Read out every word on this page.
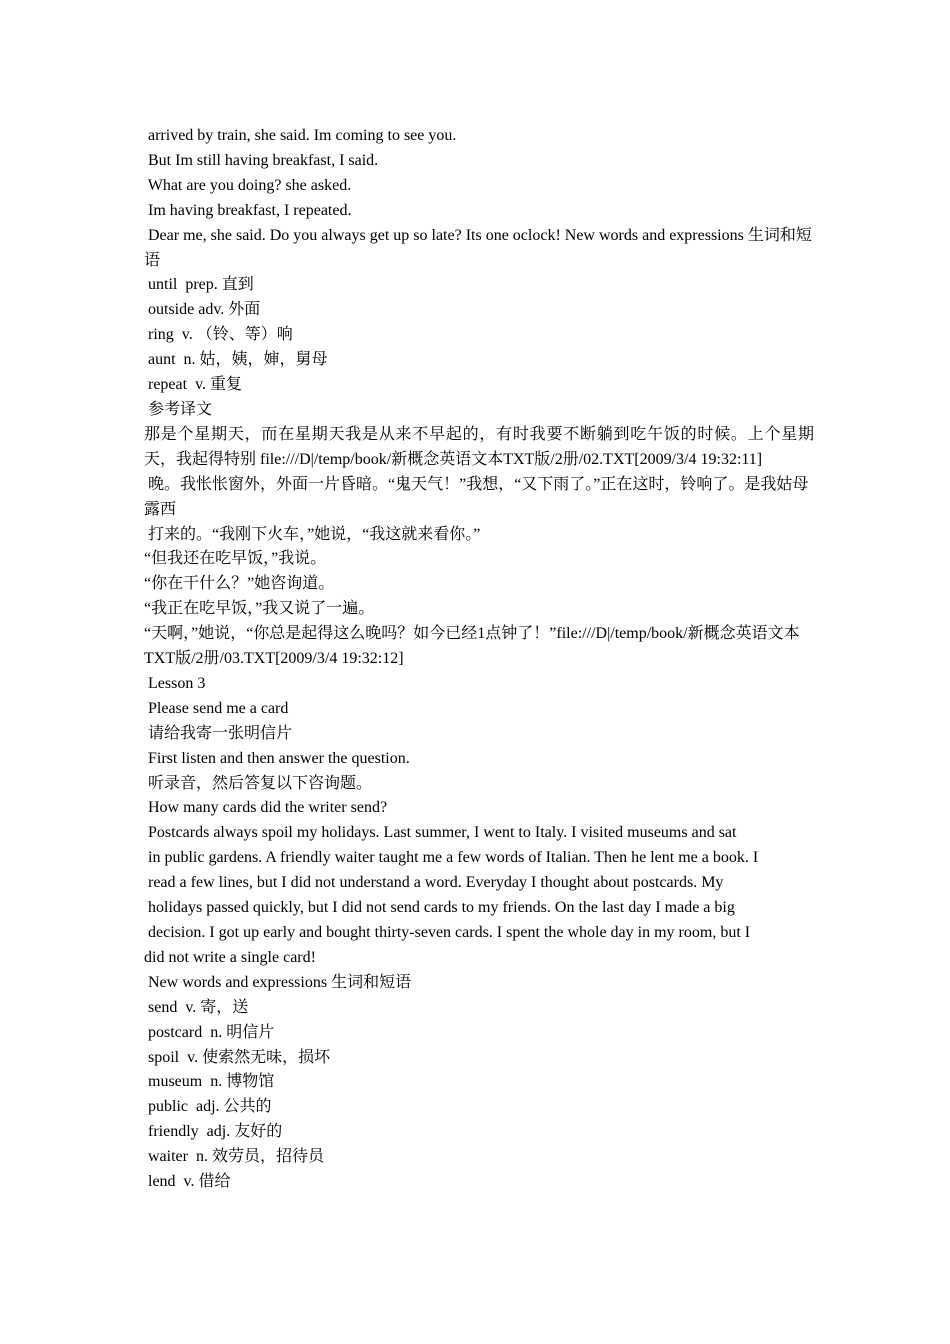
arrived by train, she said. Im coming to see you.
But Im still having breakfast, I said.
What are you doing? she asked.
Im having breakfast, I repeated.
Dear me, she said. Do you always get up so late? Its one oclock! New words and expressions 生词和短语
until  prep. 直到
outside adv. 外面
ring  v. （铃、等）响
aunt  n. 姑，姨，婶，舅母
repeat  v. 重复
参考译文
那是个星期天，而在星期天我是从来不早起的，有时我要不断躺到吃午饭的时候。上个星期天，我起得特别 file:///D|/temp/book/新概念英语文本TXT版/2册/02.TXT[2009/3/4 19:32:11]
晚。我怅怅窗外，外面一片昏暗。“鬼天气！”我想，“又下雨了。”正在这时，铃响了。是我姑母露西
打来的。“我刚下火车，”她说，“我这就来看你。”
“但我还在吃早饭，”我说。
“你在干什么？”她咨询道。
“我正在吃早饭，”我又说了一遍。
“天啊，”她说，“你总是起得这么晚吗？如今已经1点钟了！”file:///D|/temp/book/新概念英语文本TXT版/2册/03.TXT[2009/3/4 19:32:12]
Lesson 3
Please send me a card
请给我寄一张明信片
First listen and then answer the question.
听录音，然后答复以下咨询题。
How many cards did the writer send?
Postcards always spoil my holidays. Last summer, I went to Italy. I visited museums and sat
in public gardens. A friendly waiter taught me a few words of Italian. Then he lent me a book. I
read a few lines, but I did not understand a word. Everyday I thought about postcards. My
holidays passed quickly, but I did not send cards to my friends. On the last day I made a big
decision. I got up early and bought thirty-seven cards. I spent the whole day in my room, but I
did not write a single card!
New words and expressions 生词和短语
send  v. 寄，送
postcard  n. 明信片
spoil  v. 使索然无味，损坏
museum  n. 博物馆
public  adj. 公共的
friendly  adj. 友好的
waiter  n. 效劳员，招待员
lend  v. 借给
